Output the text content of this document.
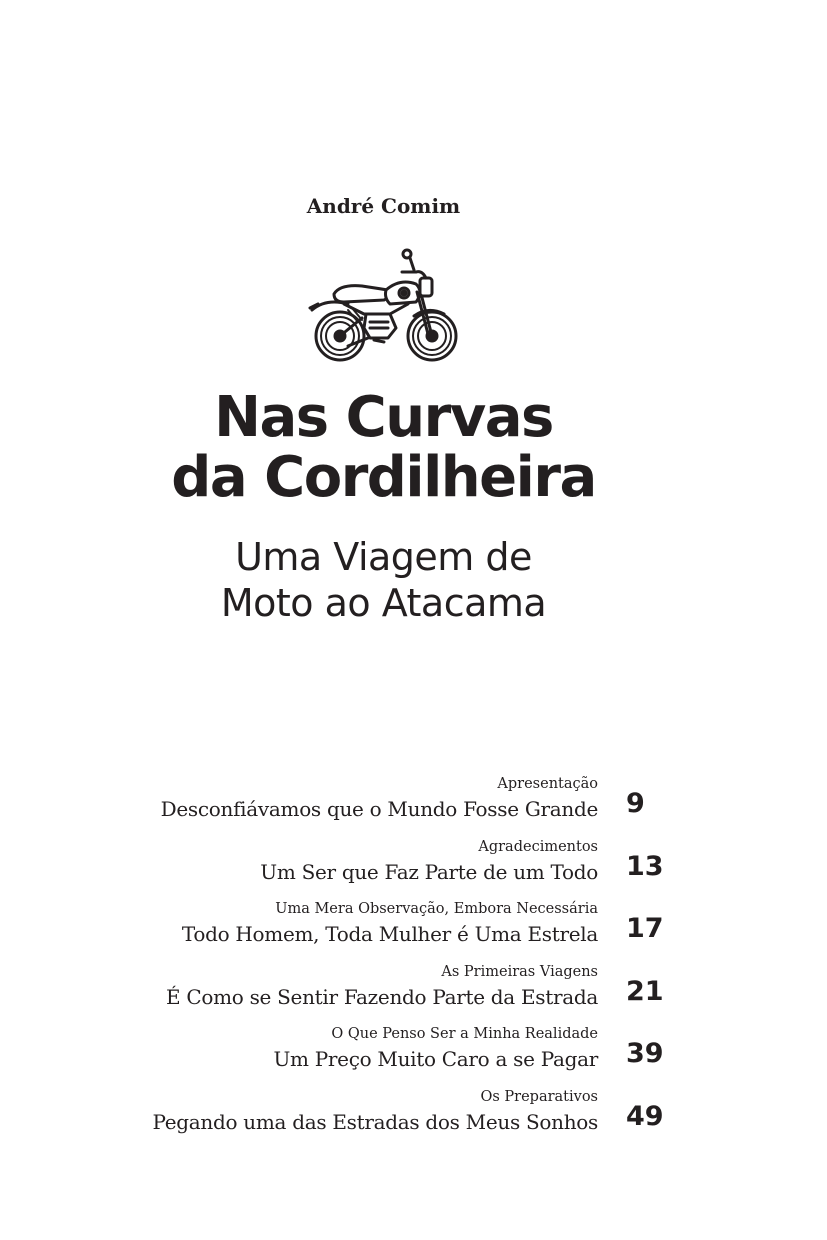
André Comim
Nas Curvas
da Cordilheira
Uma Viagem de
Moto ao Atacama
Apresentação
Desconfiávamos que o Mundo Fosse Grande 9
Agradecimentos
Um Ser que Faz Parte de um Todo 13
Uma Mera Observação, Embora Necessária
Todo Homem, Toda Mulher é Uma Estrela 17
As Primeiras Viagens
É Como se Sentir Fazendo Parte da Estrada 21
O Que Penso Ser a Minha Realidade
Um Preço Muito Caro a se Pagar 39
Os Preparativos
Pegando uma das Estradas dos Meus Sonhos 49
